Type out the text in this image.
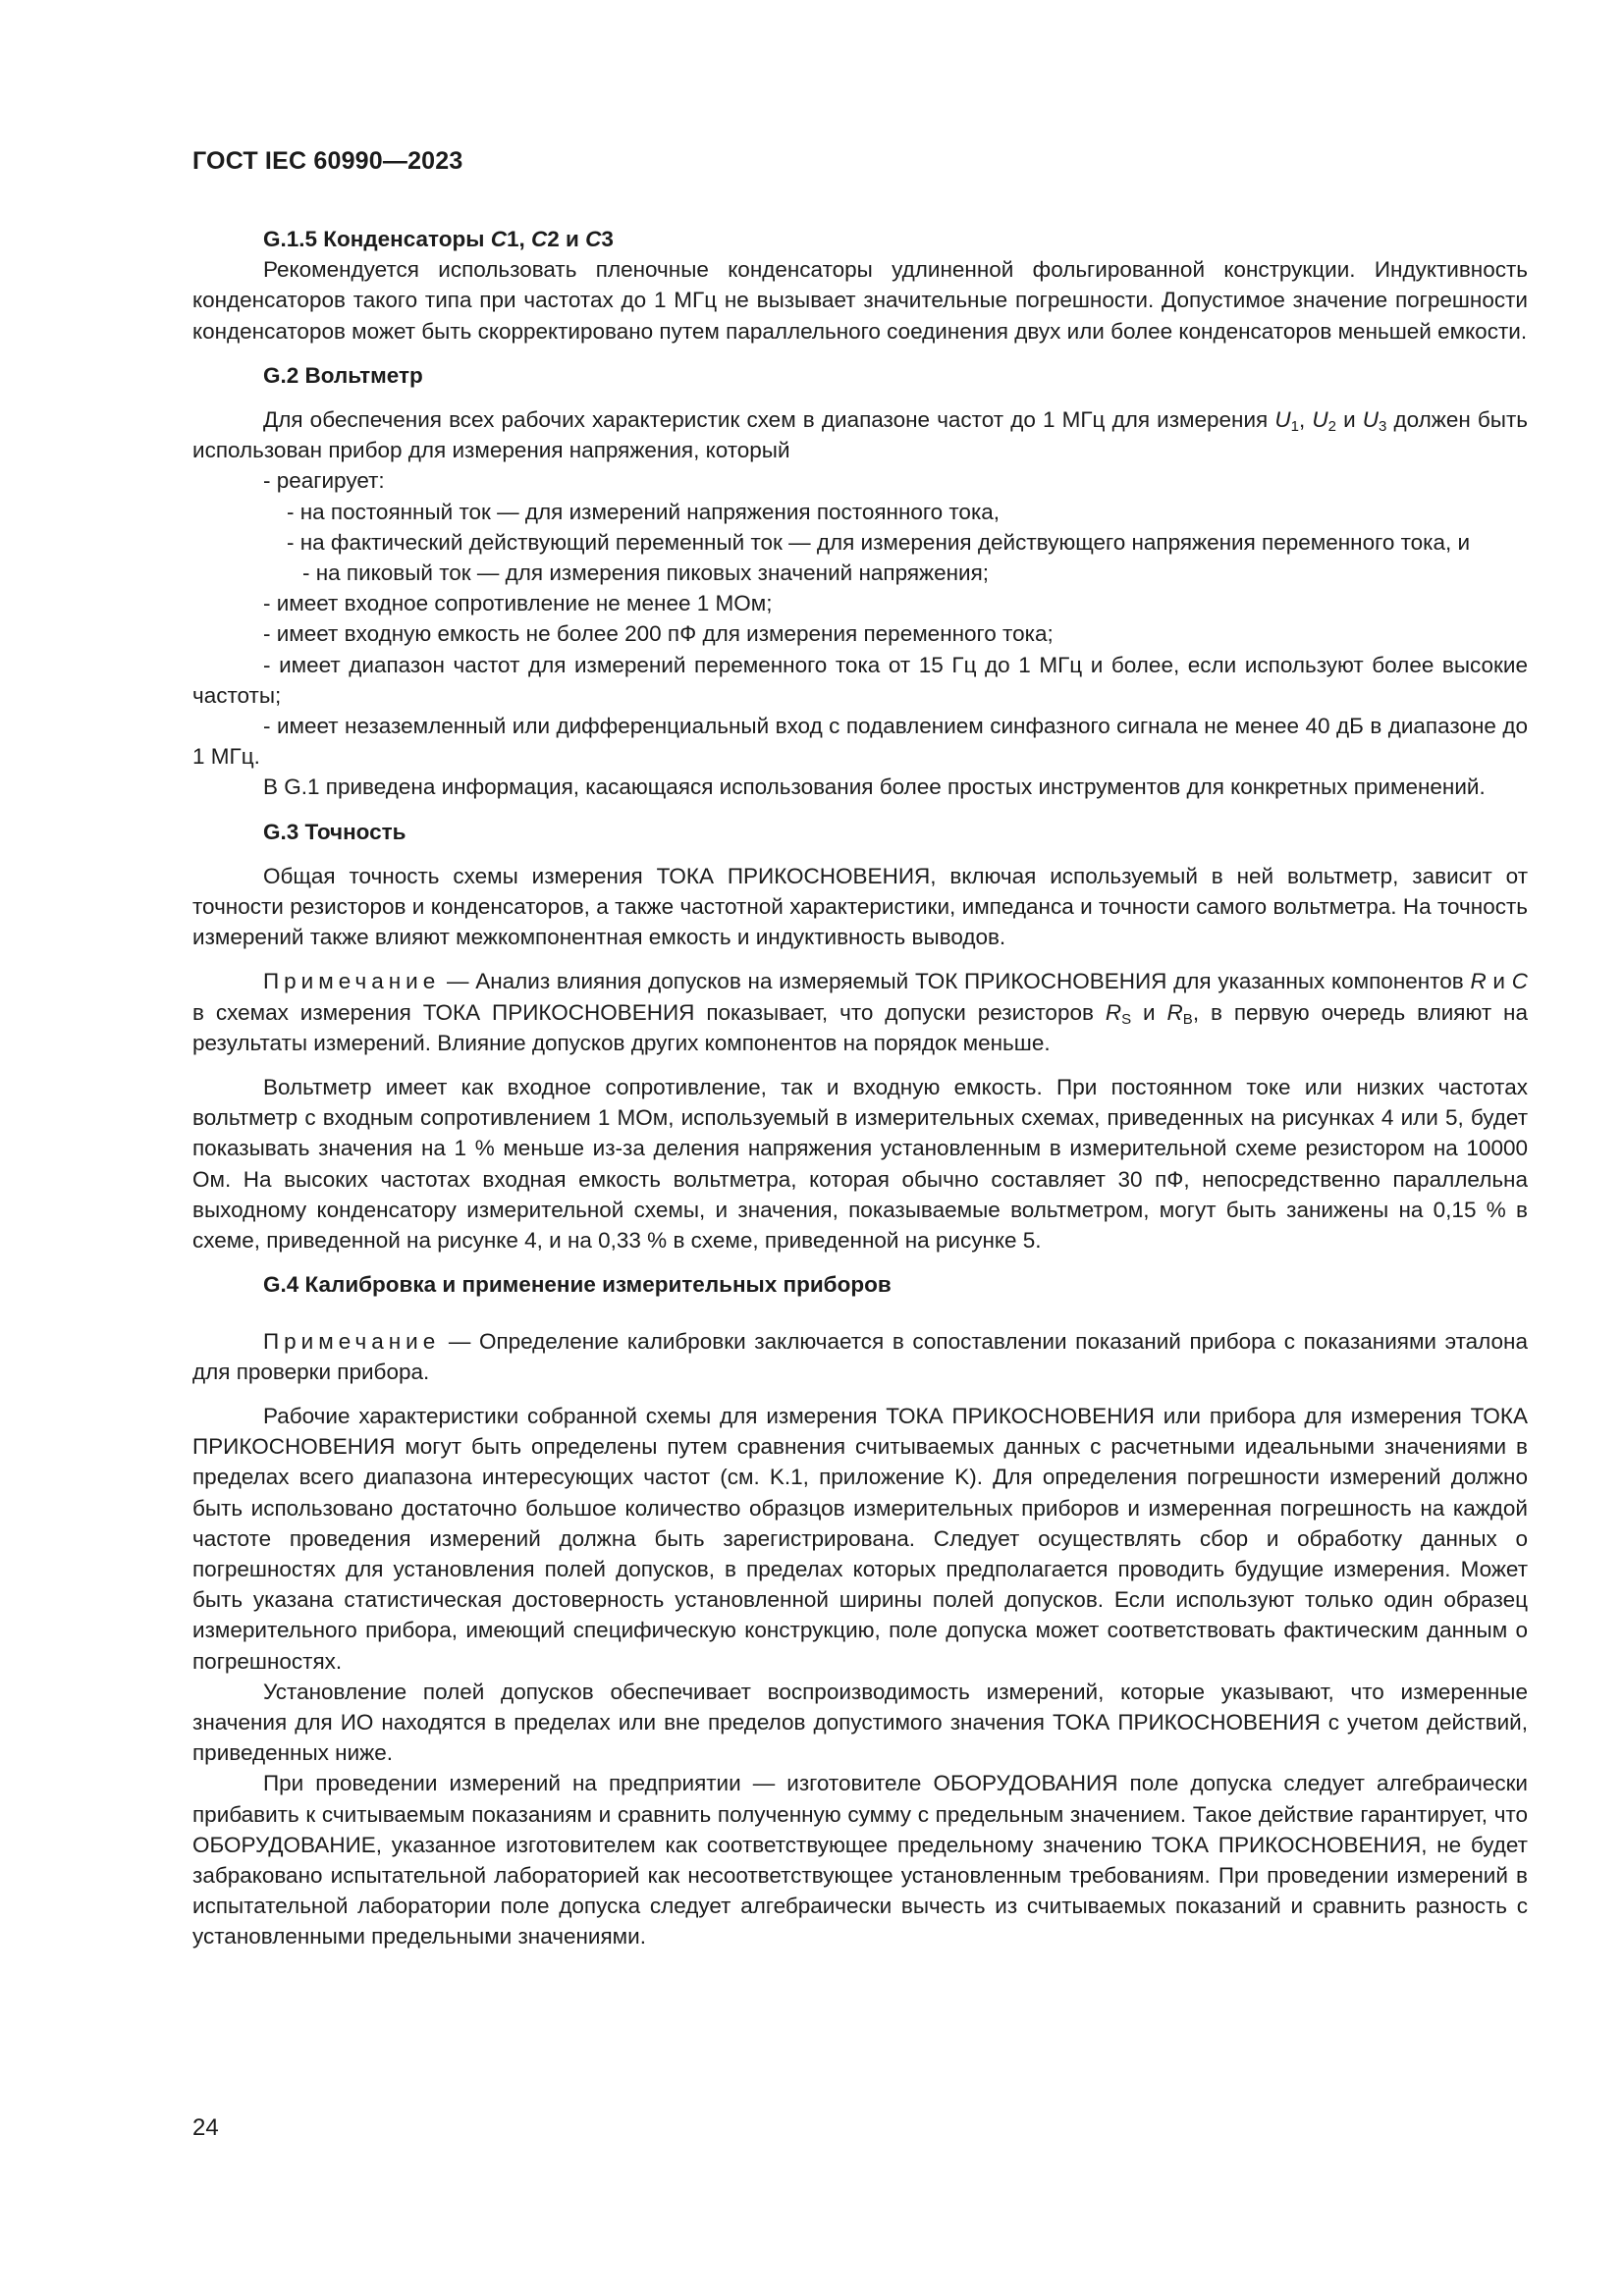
ГОСТ IEC 60990—2023

G.1.5 Конденсаторы C1, C2 и C3

Рекомендуется использовать пленочные конденсаторы удлиненной фольгированной конструкции. Индуктивность конденсаторов такого типа при частотах до 1 МГц не вызывает значительные погрешности. Допустимое значение погрешности конденсаторов может быть скорректировано путем параллельного соединения двух или более конденсаторов меньшей емкости.

G.2 Вольтметр

Для обеспечения всех рабочих характеристик схем в диапазоне частот до 1 МГц для измерения $U_1$, $U_2$ и $U_3$ должен быть использован прибор для измерения напряжения, который

- реагирует:

- на постоянный ток — для измерений напряжения постоянного тока,

- на фактический действующий переменный ток — для измерения действующего напряжения переменного тока, и

- на пиковый ток — для измерения пиковых значений напряжения;

- имеет входное сопротивление не менее 1 МОм;

- имеет входную емкость не более 200 пФ для измерения переменного тока;

- имеет диапазон частот для измерений переменного тока от 15 Гц до 1 МГц и более, если используют более высокие частоты;

- имеет незаземленный или дифференциальный вход с подавлением синфазного сигнала не менее 40 дБ в диапазоне до 1 МГц.

В G.1 приведена информация, касающаяся использования более простых инструментов для конкретных применений.

G.3 Точность

Общая точность схемы измерения ТОКА ПРИКОСНОВЕНИЯ, включая используемый в ней вольтметр, зависит от точности резисторов и конденсаторов, а также частотной характеристики, импеданса и точности самого вольтметра. На точность измерений также влияют межкомпонентная емкость и индуктивность выводов.

Примечание — Анализ влияния допусков на измеряемый ТОК ПРИКОСНОВЕНИЯ для указанных компонентов R и C в схемах измерения ТОКА ПРИКОСНОВЕНИЯ показывает, что допуски резисторов $R_S$ и $R_B$, в первую очередь влияют на результаты измерений. Влияние допусков других компонентов на порядок меньше.

Вольтметр имеет как входное сопротивление, так и входную емкость. При постоянном токе или низких частотах вольтметр с входным сопротивлением 1 МОм, используемый в измерительных схемах, приведенных на рисунках 4 или 5, будет показывать значения на 1 % меньше из-за деления напряжения установленным в измерительной схеме резистором на 10000 Ом. На высоких частотах входная емкость вольтметра, которая обычно составляет 30 пФ, непосредственно параллельна выходному конденсатору измерительной схемы, и значения, показываемые вольтметром, могут быть занижены на 0,15 % в схеме, приведенной на рисунке 4, и на 0,33 % в схеме, приведенной на рисунке 5.

G.4 Калибровка и применение измерительных приборов

Примечание — Определение калибровки заключается в сопоставлении показаний прибора с показаниями эталона для проверки прибора.

Рабочие характеристики собранной схемы для измерения ТОКА ПРИКОСНОВЕНИЯ или прибора для измерения ТОКА ПРИКОСНОВЕНИЯ могут быть определены путем сравнения считываемых данных с расчетными идеальными значениями в пределах всего диапазона интересующих частот (см. K.1, приложение K). Для определения погрешности измерений должно быть использовано достаточно большое количество образцов измерительных приборов и измеренная погрешность на каждой частоте проведения измерений должна быть зарегистрирована. Следует осуществлять сбор и обработку данных о погрешностях для установления полей допусков, в пределах которых предполагается проводить будущие измерения. Может быть указана статистическая достоверность установленной ширины полей допусков. Если используют только один образец измерительного прибора, имеющий специфическую конструкцию, поле допуска может соответствовать фактическим данным о погрешностях.

Установление полей допусков обеспечивает воспроизводимость измерений, которые указывают, что измеренные значения для ИО находятся в пределах или вне пределов допустимого значения ТОКА ПРИКОСНОВЕНИЯ с учетом действий, приведенных ниже.

При проведении измерений на предприятии — изготовителе ОБОРУДОВАНИЯ поле допуска следует алгебраически прибавить к считываемым показаниям и сравнить полученную сумму с предельным значением. Такое действие гарантирует, что ОБОРУДОВАНИЕ, указанное изготовителем как соответствующее предельному значению ТОКА ПРИКОСНОВЕНИЯ, не будет забраковано испытательной лабораторией как несоответствующее установленным требованиям. При проведении измерений в испытательной лаборатории поле допуска следует алгебраически вычесть из считываемых показаний и сравнить разность с установленными предельными значениями.

24
